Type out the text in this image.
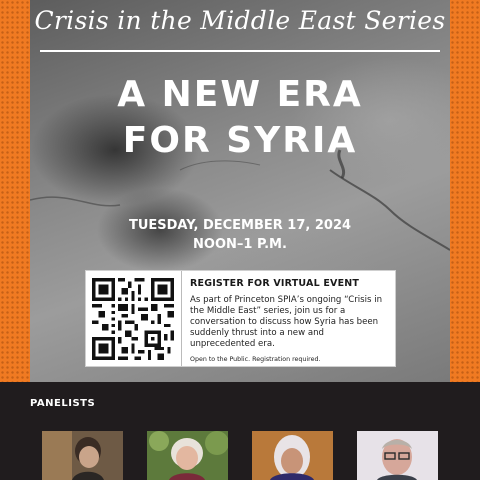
Crisis in the Middle East Series
A NEW ERA
FOR SYRIA
TUESDAY, DECEMBER 17, 2024
NOON–1 P.M.
REGISTER FOR VIRTUAL EVENT
As part of Princeton SPIA’s ongoing “Crisis in the Middle East” series, join us for a conversation to discuss how Syria has been suddenly thrust into a new and unprecedented era.
Open to the Public. Registration required.
PANELISTS
